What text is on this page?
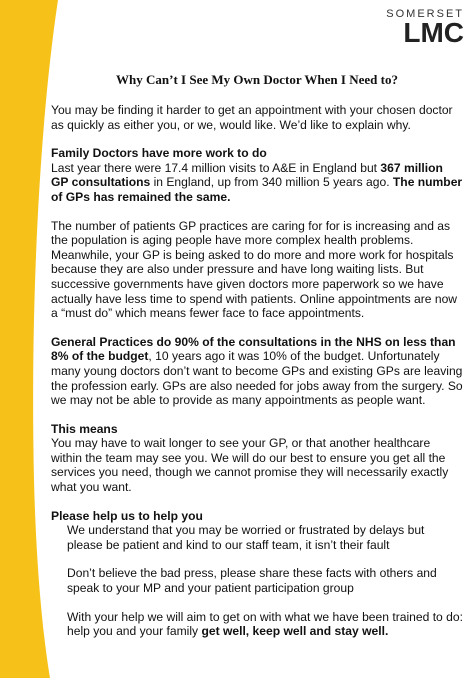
SOMERSET
LMC
Why Can’t I See My Own Doctor When I Need to?

You may be finding it harder to get an appointment with your chosen doctor as quickly as either you, or we, would like. We’d like to explain why.

Family Doctors have more work to do

Last year there were 17.4 million visits to A&E in England but 367 million GP consultations in England, up from 340 million 5 years ago. The number of GPs has remained the same.

The number of patients GP practices are caring for for is increasing and as the population is aging people have more complex health problems. Meanwhile, your GP is being asked to do more and more work for hospitals because they are also under pressure and have long waiting lists. But successive governments have given doctors more paperwork so we have actually have less time to spend with patients. Online appointments are now a “must do” which means fewer face to face appointments.

General Practices do 90% of the consultations in the NHS on less than 8% of the budget, 10 years ago it was 10% of the budget. Unfortunately many young doctors don’t want to become GPs and existing GPs are leaving the profession early. GPs are also needed for jobs away from the surgery. So we may not be able to provide as many appointments as people want.

This means

You may have to wait longer to see your GP, or that another healthcare within the team may see you. We will do our best to ensure you get all the services you need, though we cannot promise they will necessarily exactly what you want.

Please help us to help you

We understand that you may be worried or frustrated by delays but please be patient and kind to our staff team, it isn’t their fault

Don’t believe the bad press, please share these facts with others and speak to your MP and your patient participation group

With your help we will aim to get on with what we have been trained to do: help you and your family get well, keep well and stay well.
